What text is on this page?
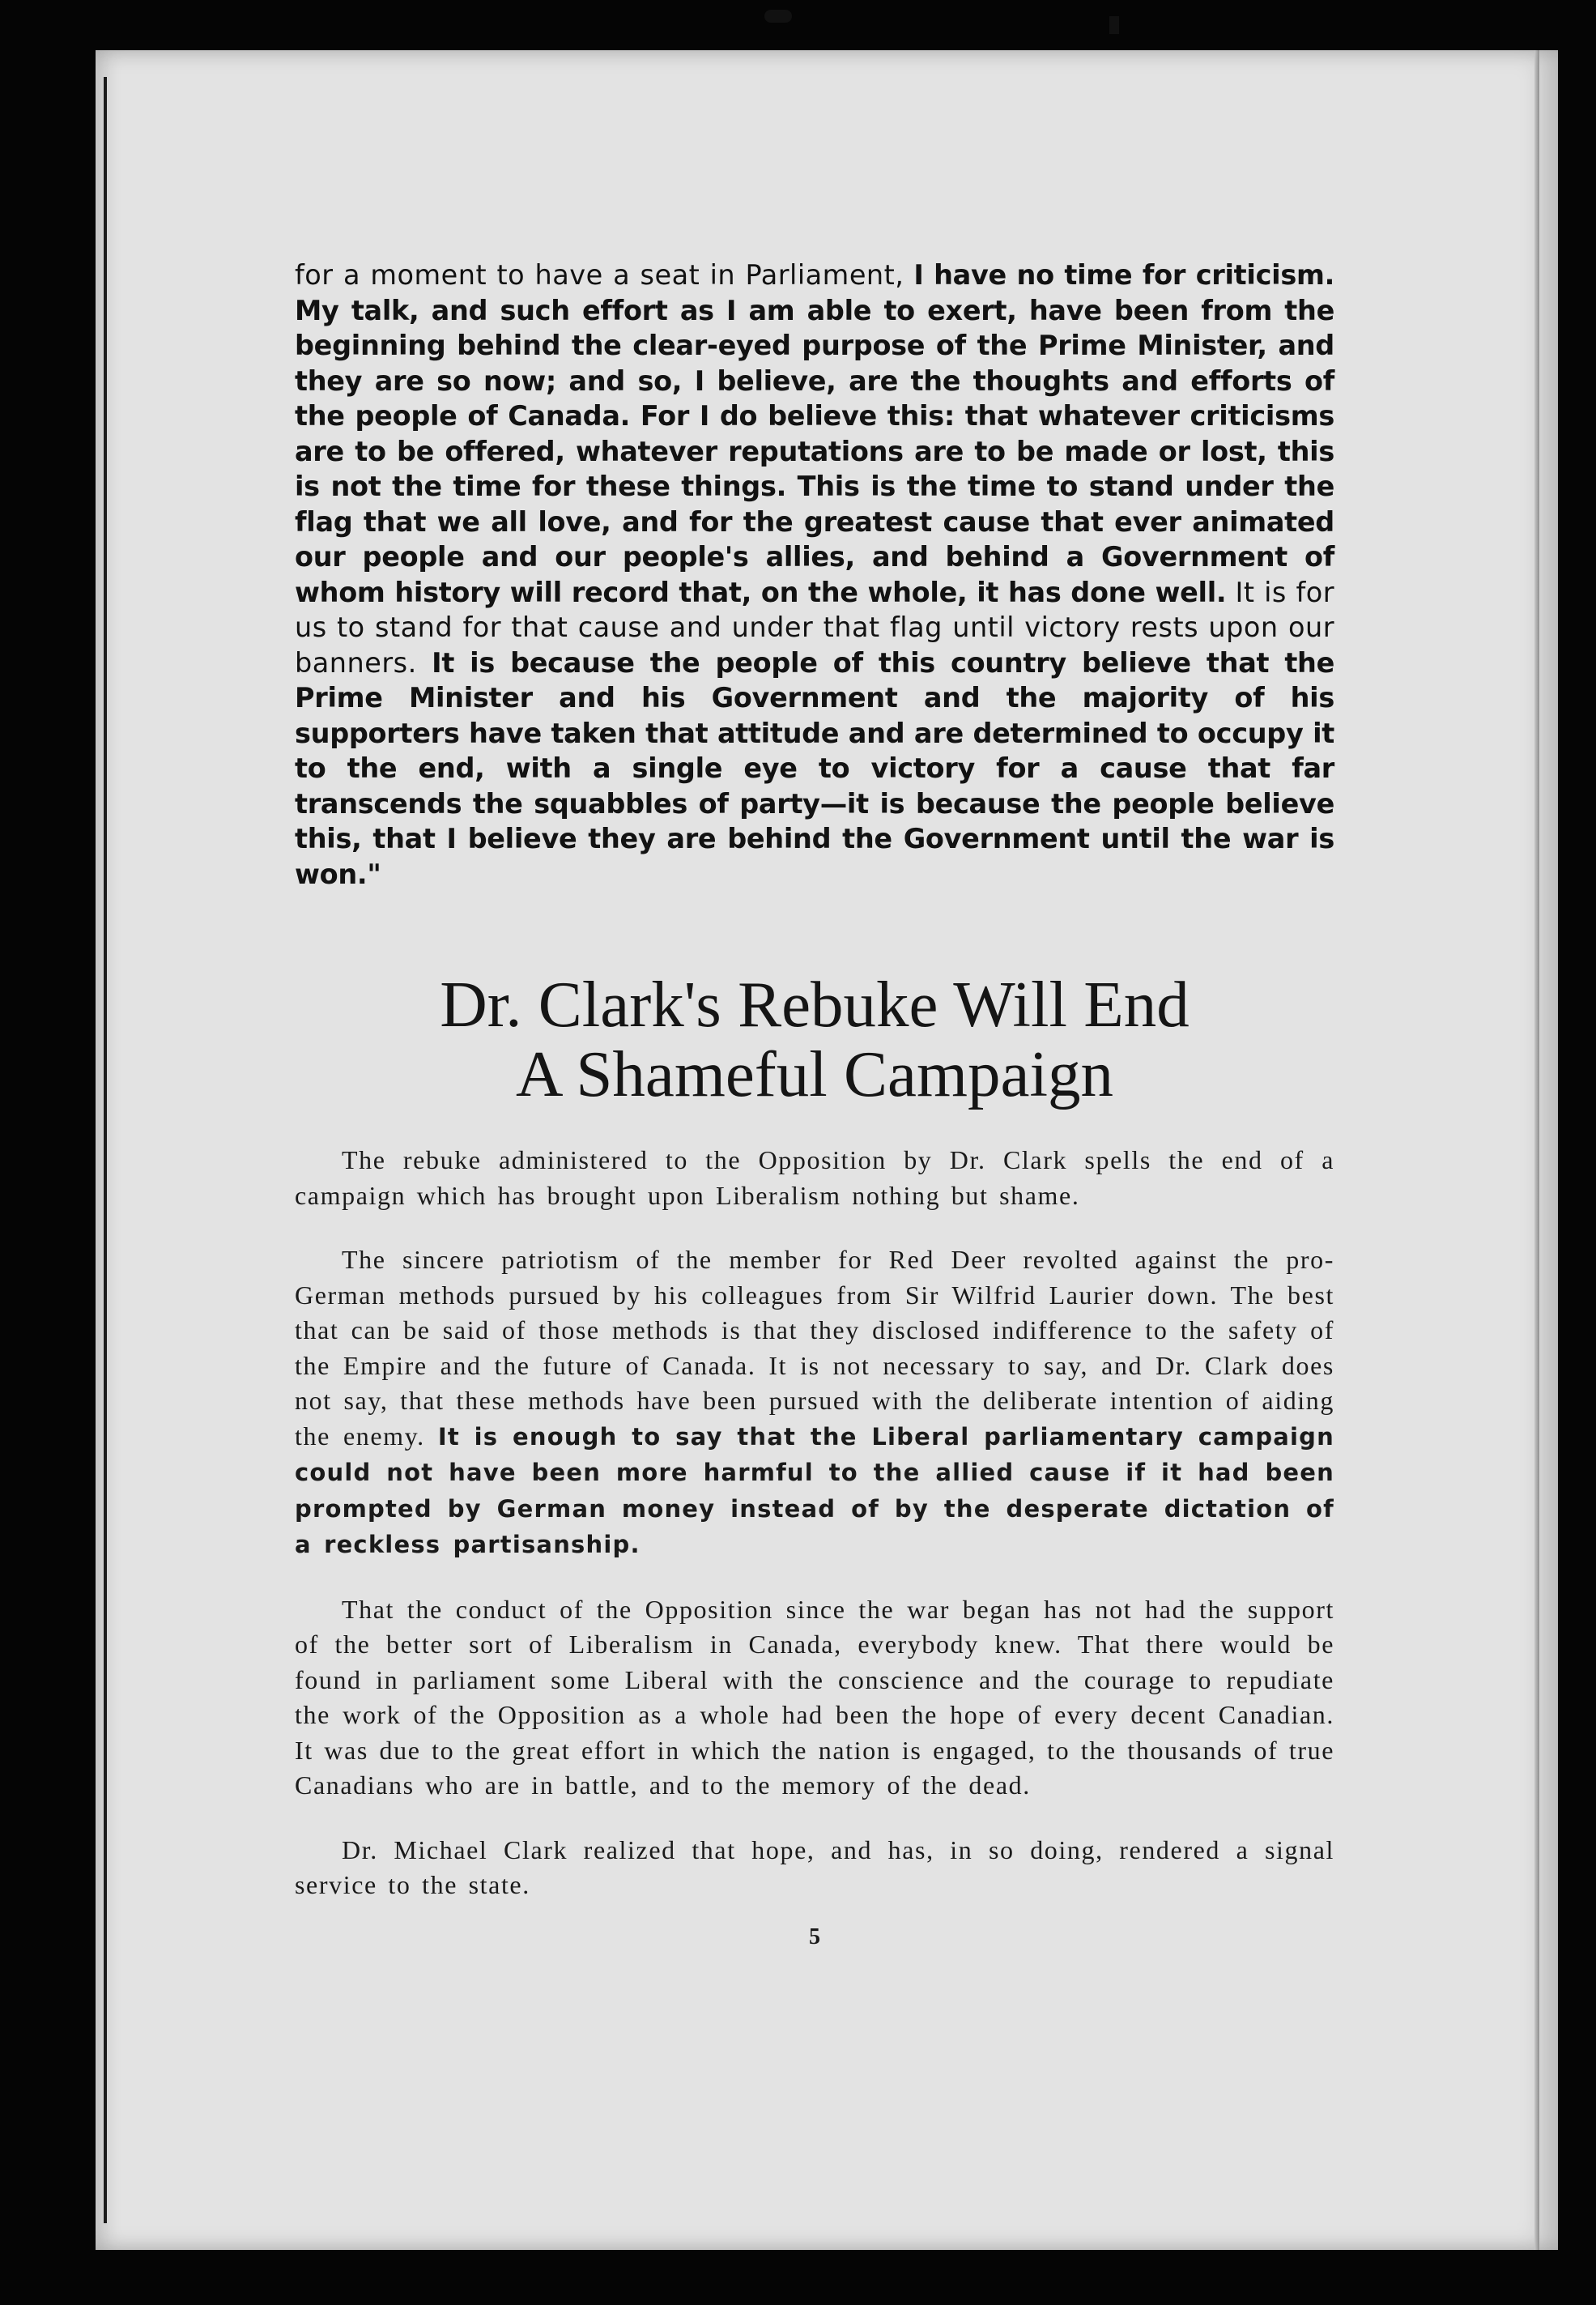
for a moment to have a seat in Parliament, I have no time for criticism. My talk, and such effort as I am able to exert, have been from the beginning behind the clear-eyed purpose of the Prime Minister, and they are so now; and so, I believe, are the thoughts and efforts of the people of Canada. For I do believe this: that whatever criticisms are to be offered, whatever reputations are to be made or lost, this is not the time for these things. This is the time to stand under the flag that we all love, and for the greatest cause that ever animated our people and our people's allies, and behind a Government of whom history will record that, on the whole, it has done well. It is for us to stand for that cause and under that flag until victory rests upon our banners. It is because the people of this country believe that the Prime Minister and his Government and the majority of his supporters have taken that attitude and are determined to occupy it to the end, with a single eye to victory for a cause that far transcends the squabbles of party—it is because the people believe this, that I believe they are behind the Government until the war is won."

Dr. Clark's Rebuke Will End
A Shameful Campaign

The rebuke administered to the Opposition by Dr. Clark spells the end of a campaign which has brought upon Liberalism nothing but shame.

The sincere patriotism of the member for Red Deer revolted against the pro-German methods pursued by his colleagues from Sir Wilfrid Laurier down. The best that can be said of those methods is that they disclosed indifference to the safety of the Empire and the future of Canada. It is not necessary to say, and Dr. Clark does not say, that these methods have been pursued with the deliberate intention of aiding the enemy. It is enough to say that the Liberal parliamentary campaign could not have been more harmful to the allied cause if it had been prompted by German money instead of by the desperate dictation of a reckless partisanship.

That the conduct of the Opposition since the war began has not had the support of the better sort of Liberalism in Canada, everybody knew. That there would be found in parliament some Liberal with the conscience and the courage to repudiate the work of the Opposition as a whole had been the hope of every decent Canadian. It was due to the great effort in which the nation is engaged, to the thousands of true Canadians who are in battle, and to the memory of the dead.

Dr. Michael Clark realized that hope, and has, in so doing, rendered a signal service to the state.

5
